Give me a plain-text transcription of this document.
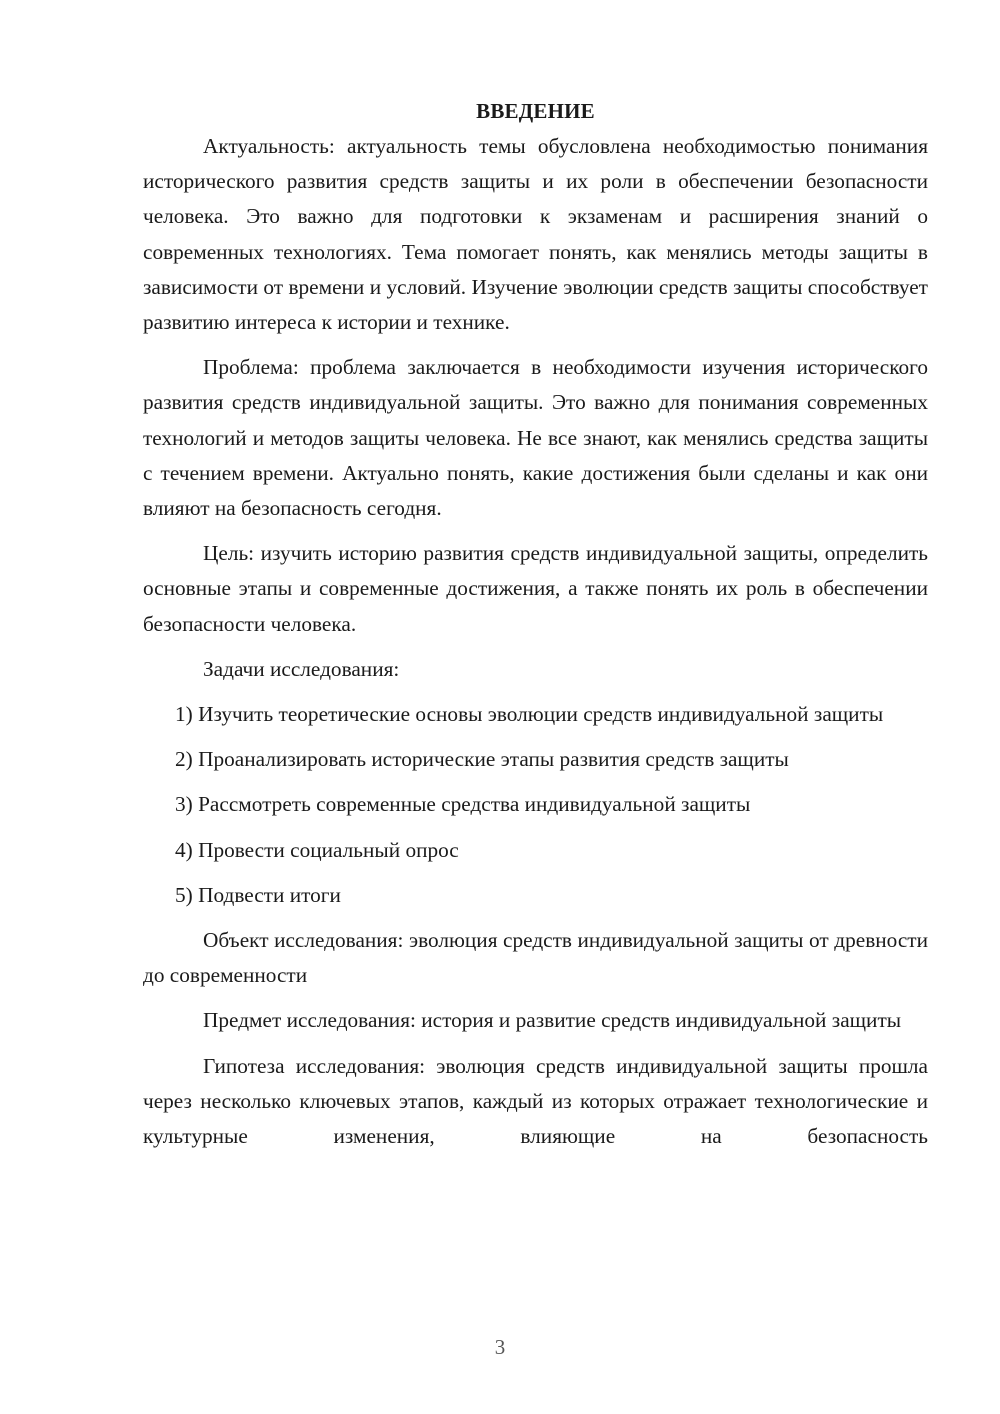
ВВЕДЕНИЕ

Актуальность: актуальность темы обусловлена необходимостью понимания исторического развития средств защиты и их роли в обеспечении безопасности человека. Это важно для подготовки к экзаменам и расширения знаний о современных технологиях. Тема помогает понять, как менялись методы защиты в зависимости от времени и условий. Изучение эволюции средств защиты способствует развитию интереса к истории и технике.

Проблема: проблема заключается в необходимости изучения исторического развития средств индивидуальной защиты. Это важно для понимания современных технологий и методов защиты человека. Не все знают, как менялись средства защиты с течением времени. Актуально понять, какие достижения были сделаны и как они влияют на безопасность сегодня.

Цель: изучить историю развития средств индивидуальной защиты, определить основные этапы и современные достижения, а также понять их роль в обеспечении безопасности человека.

Задачи исследования:

1) Изучить теоретические основы эволюции средств индивидуальной защиты

2) Проанализировать исторические этапы развития средств защиты

3) Рассмотреть современные средства индивидуальной защиты

4) Провести социальный опрос

5) Подвести итоги

Объект исследования: эволюция средств индивидуальной защиты от древности до современности

Предмет исследования: история и развитие средств индивидуальной защиты

Гипотеза исследования: эволюция средств индивидуальной защиты прошла через несколько ключевых этапов, каждый из которых отражает технологические и культурные изменения, влияющие на безопасность

3
